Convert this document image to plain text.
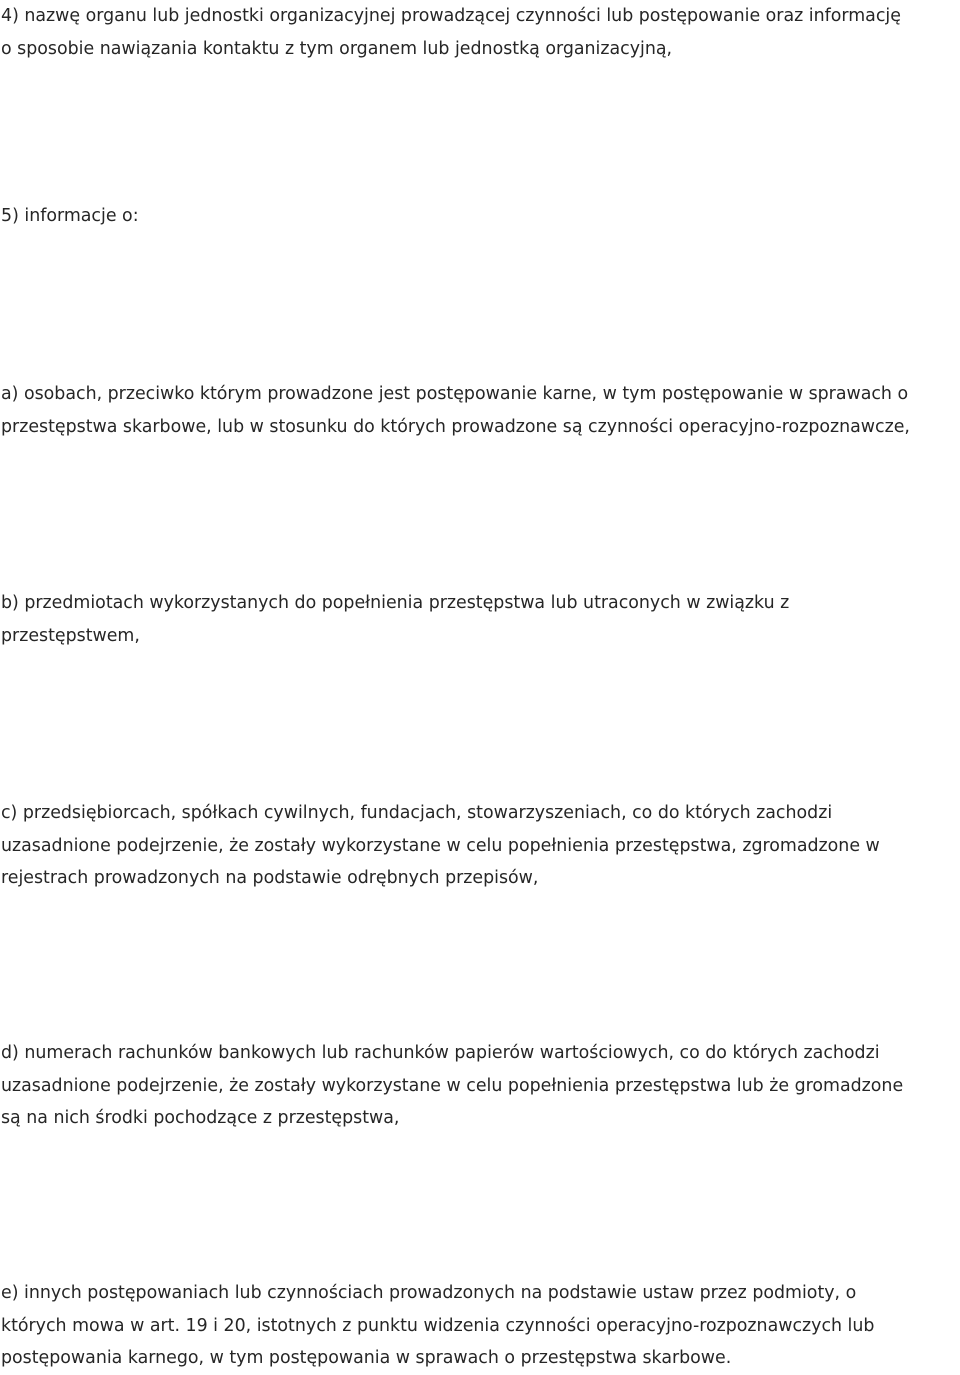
4) nazwę organu lub jednostki organizacyjnej prowadzącej czynności lub postępowanie oraz informację
o sposobie nawiązania kontaktu z tym organem lub jednostką organizacyjną,

5) informacje o:

a) osobach, przeciwko którym prowadzone jest postępowanie karne, w tym postępowanie w sprawach o
przestępstwa skarbowe, lub w stosunku do których prowadzone są czynności operacyjno-rozpoznawcze,

b) przedmiotach wykorzystanych do popełnienia przestępstwa lub utraconych w związku z
przestępstwem,

c) przedsiębiorcach, spółkach cywilnych, fundacjach, stowarzyszeniach, co do których zachodzi
uzasadnione podejrzenie, że zostały wykorzystane w celu popełnienia przestępstwa, zgromadzone w
rejestrach prowadzonych na podstawie odrębnych przepisów,

d) numerach rachunków bankowych lub rachunków papierów wartościowych, co do których zachodzi
uzasadnione podejrzenie, że zostały wykorzystane w celu popełnienia przestępstwa lub że gromadzone
są na nich środki pochodzące z przestępstwa,

e) innych postępowaniach lub czynnościach prowadzonych na podstawie ustaw przez podmioty, o
których mowa w art. 19 i 20, istotnych z punktu widzenia czynności operacyjno-rozpoznawczych lub
postępowania karnego, w tym postępowania w sprawach o przestępstwa skarbowe.
